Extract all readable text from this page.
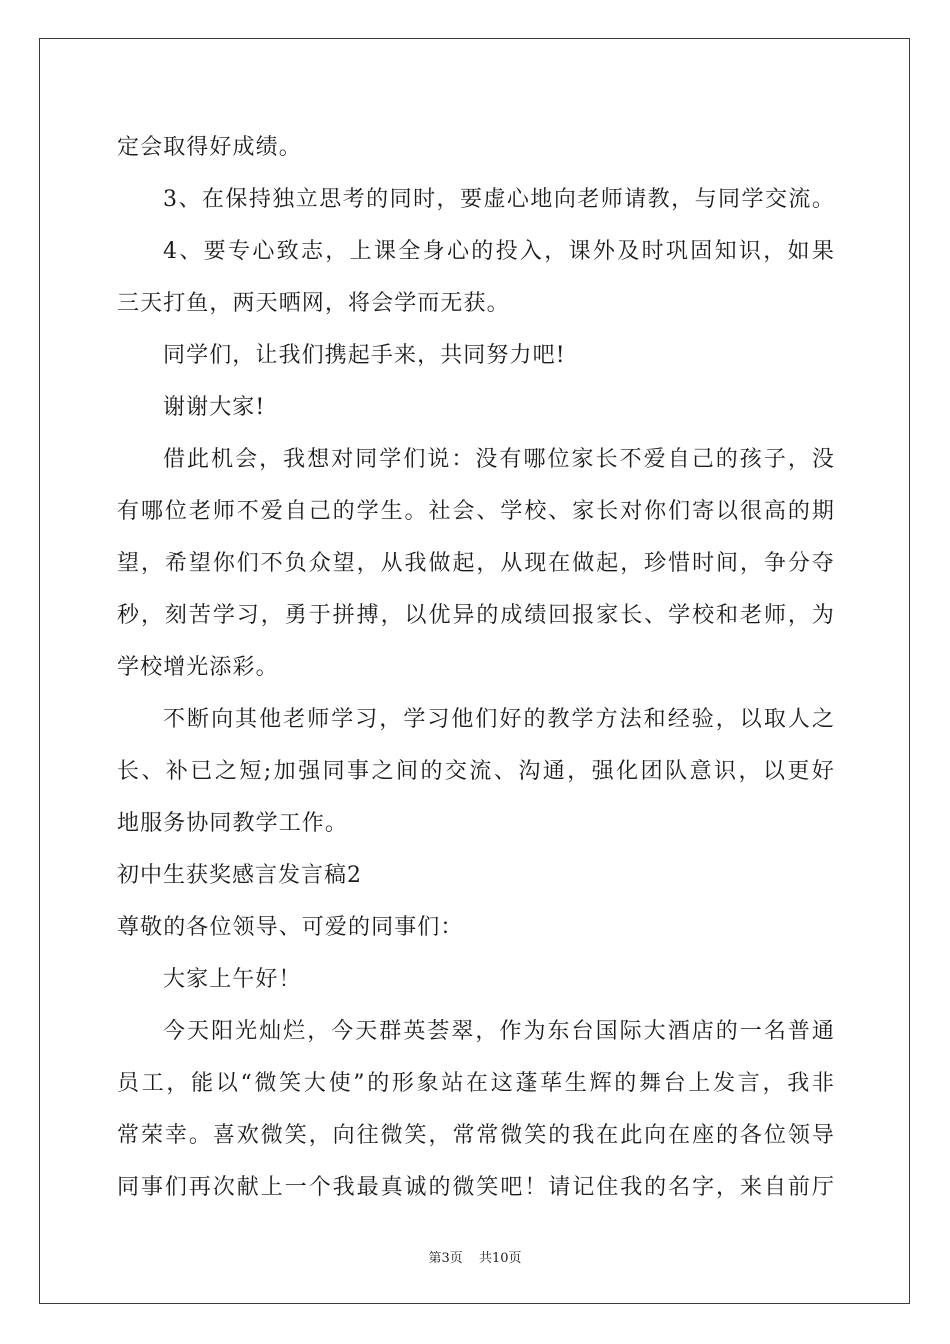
定会取得好成绩。
3、在保持独立思考的同时，要虚心地向老师请教，与同学交流。
4、要专心致志，上课全身心的投入，课外及时巩固知识，如果
三天打鱼，两天晒网，将会学而无获。
同学们，让我们携起手来，共同努力吧!
谢谢大家!
借此机会，我想对同学们说：没有哪位家长不爱自己的孩子，没
有哪位老师不爱自己的学生。社会、学校、家长对你们寄以很高的期
望，希望你们不负众望，从我做起，从现在做起，珍惜时间，争分夺
秒，刻苦学习，勇于拼搏，以优异的成绩回报家长、学校和老师，为
学校增光添彩。
不断向其他老师学习，学习他们好的教学方法和经验，以取人之
长、补已之短;加强同事之间的交流、沟通，强化团队意识，以更好
地服务协同教学工作。
初中生获奖感言发言稿2
尊敬的各位领导、可爱的同事们：
大家上午好！
今天阳光灿烂，今天群英荟翠，作为东台国际大酒店的一名普通
员工，能以“微笑大使”的形象站在这蓬荜生辉的舞台上发言，我非
常荣幸。喜欢微笑，向往微笑，常常微笑的我在此向在座的各位领导
同事们再次献上一个我最真诚的微笑吧！请记住我的名字，来自前厅
第3页 共10页
